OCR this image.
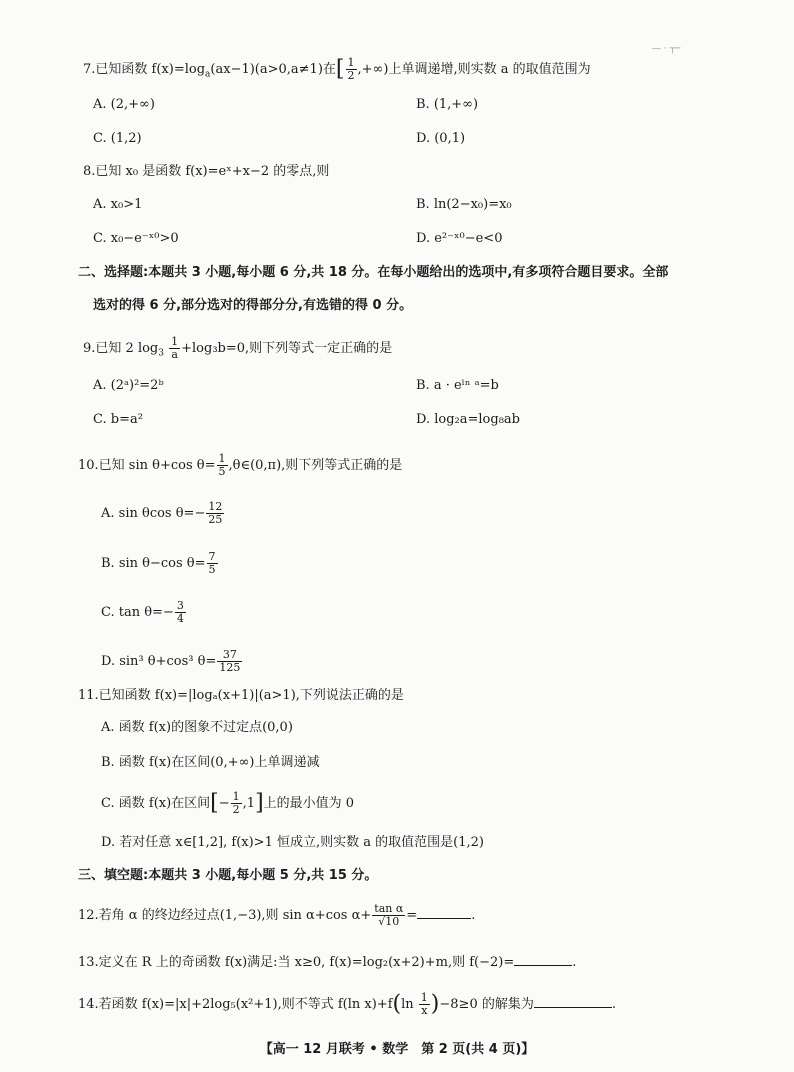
— · ┬─
7.已知函数 $f(x)=\log_a(ax-1)(a>0,a\ne 1)$在[ $\frac{1}{2}$ ,+∞)上单调递增,则实数 a 的取值范围为
A. (2,+∞)	B. (1,+∞)
C. (1,2)	D. (0,1)
8.已知 x₀ 是函数 f(x)=eˣ+x−2 的零点,则
A. x₀>1	B. ln(2−x₀)=x₀
C. x₀−e⁻ˣ⁰>0	D. e²⁻ˣ⁰−e<0
二、选择题:本题共 3 小题,每小题 6 分,共 18 分。在每小题给出的选项中,有多项符合题目要求。全部
选对的得 6 分,部分选对的得部分分,有选错的得 0 分。
9.已知 2 $\log_3 \frac{1}{a} +\log_3b=0$,则下列等式一定正确的是
A. (2ᵃ)²=2ᵇ	B. a · eˡⁿ ᵃ=b
C. b=a²	D. log₂a=log₈ab
10.已知 sin θ+cos $\theta= \frac{1}{5}$ ,θ∈(0,π),则下列等式正确的是
A. sin θcos $\theta=- \frac{12}{25}$
B. sin θ−cos $\theta= \frac{7}{5}$
C. $\tan \theta=- \frac{3}{4}$
D. sin³ θ+cos³ $\theta= \frac{37}{125}$
11.已知函数 f(x)=|logₐ(x+1)|(a>1),下列说法正确的是
A. 函数 f(x)的图象不过定点(0,0)
B. 函数 f(x)在区间(0,+∞)上单调递减
C. 函数 f(x)在区间[− $\frac{1}{2} ,1$]上的最小值为 0
D. 若对任意 x∈[1,2], f(x)>1 恒成立,则实数 a 的取值范围是(1,2)
三、填空题:本题共 3 小题,每小题 5 分,共 15 分。
12.若角 α 的终边经过点(1,−3),则 sin α+cos $\alpha+ \frac{\text{tan α}}{√10}$ =	.
13.定义在 R 上的奇函数 f(x)满足:当 x≥0, f(x)=log₂(x+2)+m,则 f(−2)=	.
14.若函数 f(x)=|x|+2log₅(x²+1),则不等式 f(ln $x)+f(\ln \frac{1}{x} )-8\ge 0$ 的解集为	.
【高一 12 月联考 • 数学　第 2 页(共 4 页)】
